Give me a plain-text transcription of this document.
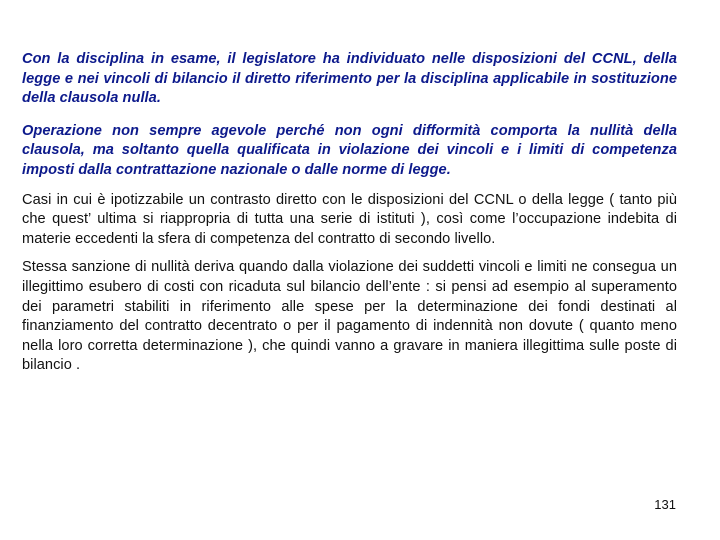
Con la disciplina in esame, il legislatore ha individuato nelle disposizioni del CCNL, della legge e nei vincoli di bilancio il diretto riferimento per la disciplina applicabile in sostituzione della clausola nulla.

Operazione non sempre agevole perché non ogni difformità comporta la nullità della clausola, ma soltanto quella qualificata in violazione dei vincoli e i limiti di competenza imposti dalla contrattazione nazionale o dalle norme di legge.

Casi in cui è ipotizzabile un contrasto diretto con le disposizioni del CCNL o della legge ( tanto più che quest’ ultima si riappropria di tutta una serie di istituti ), così come l’occupazione indebita di materie eccedenti la sfera di competenza del contratto di secondo livello.

Stessa sanzione di nullità deriva quando dalla violazione dei suddetti vincoli e limiti ne consegua un illegittimo esubero di costi con ricaduta sul bilancio dell’ente : si pensi ad esempio al superamento dei parametri stabiliti in riferimento alle spese per la determinazione dei fondi destinati al finanziamento del contratto decentrato o per il pagamento di indennità non dovute ( quanto meno nella loro corretta determinazione ), che quindi vanno a gravare in maniera illegittima sulle poste di bilancio .

131
